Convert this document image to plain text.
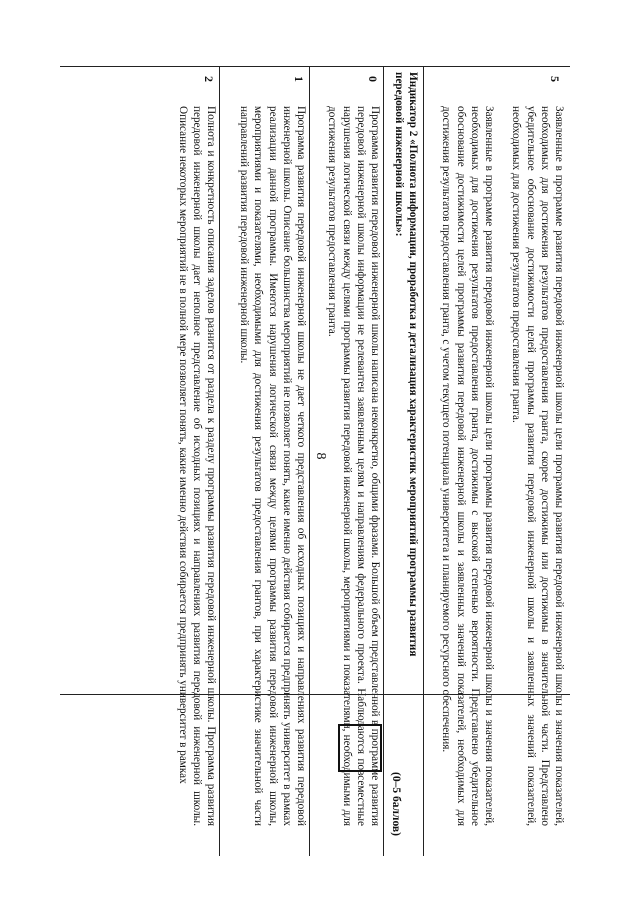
8
5
Заявленные в программе развития передовой инженерной школы цели программы развития передовой инженерной школы и значения показателей, необходимых для достижения результатов предоставления гранта, скорее достижимы или достижимы в значительной части. Представлено убедительное обоснование достижимости целей программы развития передовой инженерной школы и заявленных значений показателей, необходимых для достижения результатов предоставления гранта.
Заявленные в программе развития передовой инженерной школы цели программы развития передовой инженерной школы и значения показателей, необходимых для достижения результатов предоставления гранта, достижимы с высокой степенью вероятности. Представлено убедительное обоснование достижимости целей программы развития передовой инженерной школы и заявленных значений показателей, необходимых для достижения результатов предоставления гранта, с учетом текущего потенциала университета и планируемого ресурсного обеспечения.
Индикатор 2 «Полнота информации, проработка и детализация характеристик мероприятий программы развития передовой инженерной школы»:
0
Программа развития передовой инженерной школы написана неконкретно, общими фразами. Большой объем представленной в программе развития передовой инженерной школы информации не релевантен заявленным целям и направлениям федерального проекта. Наблюдаются повсеместные нарушения логической связи между целями программы развития передовой инженерной школы, мероприятиями и показателями, необходимыми для достижения результатов предоставления гранта.
1
Программа развития передовой инженерной школы не дает четкого представления об исходных позициях и направлениях развития передовой инженерной школы. Описание большинства мероприятий не позволяет понять, какие именно действия собирается предпринять университет в рамках реализации данной программы. Имеются нарушения логической связи между целями программы развития передовой инженерной школы, мероприятиями и показателями, необходимыми для достижения результатов предоставления грантов, при характеристике значительной части направлений развития передовой инженерной школы.
2
Полнота и конкретность описания заделов разнится от раздела к разделу программы развития передовой инженерной школы. Программа развития передовой инженерной школы дает неполное представление об исходных позициях и направлениях развития передовой инженерной школы. Описание некоторых мероприятий не в полной мере позволяет понять, какие именно действия собирается предпринять университет в рамках
(0–5 баллов)
